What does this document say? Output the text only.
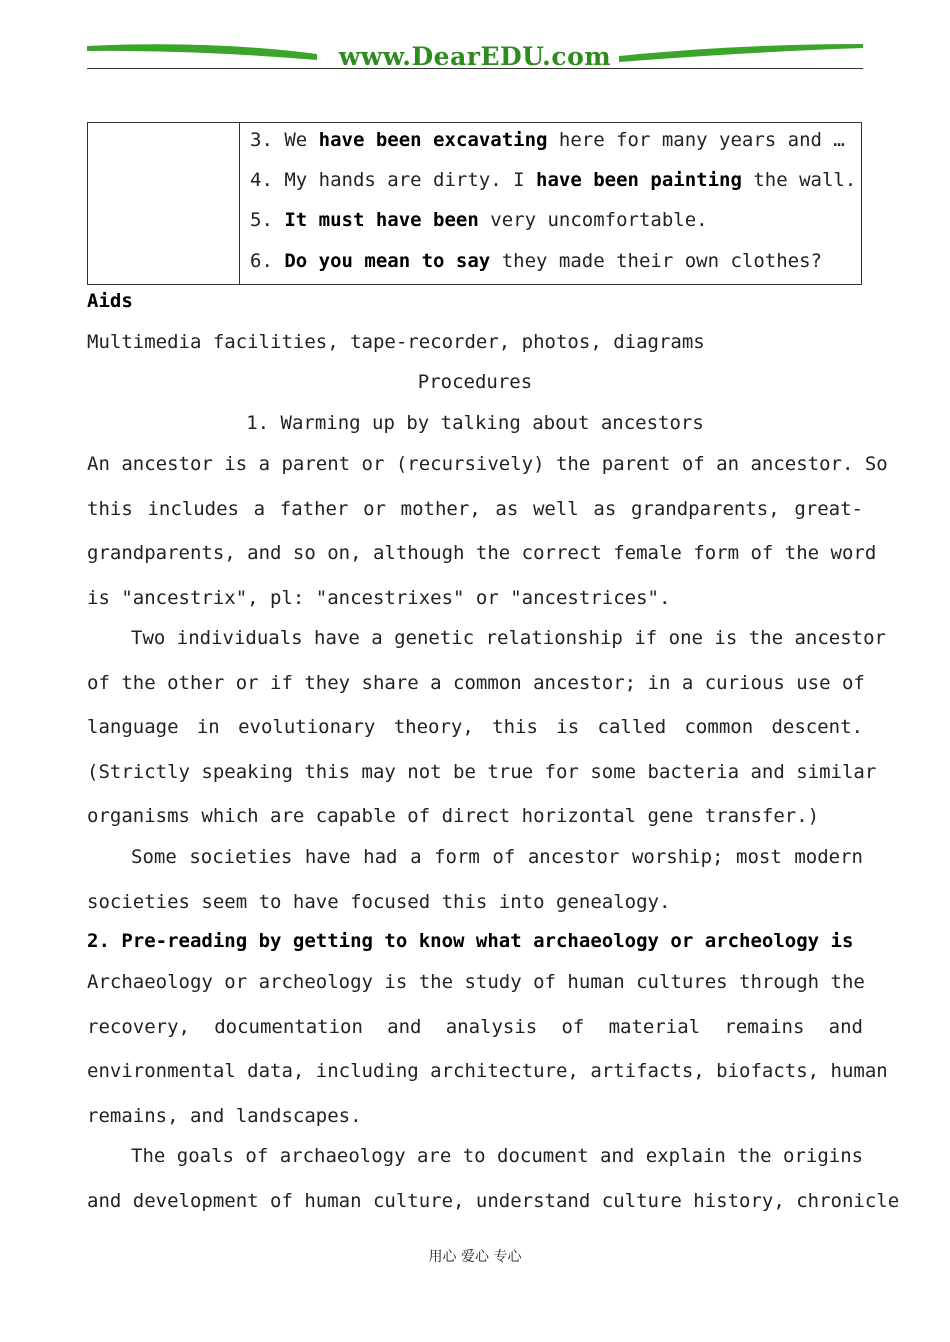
www.DearEDU.com
3. We have been excavating here for many years and …
4. My hands are dirty. I have been painting the wall.
5. It must have been very uncomfortable.
6. Do you mean to say they made their own clothes?
Aids
Multimedia facilities, tape-recorder, photos, diagrams
Procedures
1. Warming up by talking about ancestors
An ancestor is a parent or (recursively) the parent of an ancestor. So
this includes a father or mother, as well as grandparents, great-
grandparents, and so on, although the correct female form of the word
is "ancestrix", pl: "ancestrixes" or "ancestrices".
Two individuals have a genetic relationship if one is the ancestor
of the other or if they share a common ancestor; in a curious use of
language in evolutionary theory, this is called common descent.
(Strictly speaking this may not be true for some bacteria and similar
organisms which are capable of direct horizontal gene transfer.)
Some societies have had a form of ancestor worship; most modern
societies seem to have focused this into genealogy.
2. Pre-reading by getting to know what archaeology or archeology is
Archaeology or archeology is the study of human cultures through the
recovery, documentation and analysis of material remains and
environmental data, including architecture, artifacts, biofacts, human
remains, and landscapes.
The goals of archaeology are to document and explain the origins
and development of human culture, understand culture history, chronicle
用心 爱心 专心
